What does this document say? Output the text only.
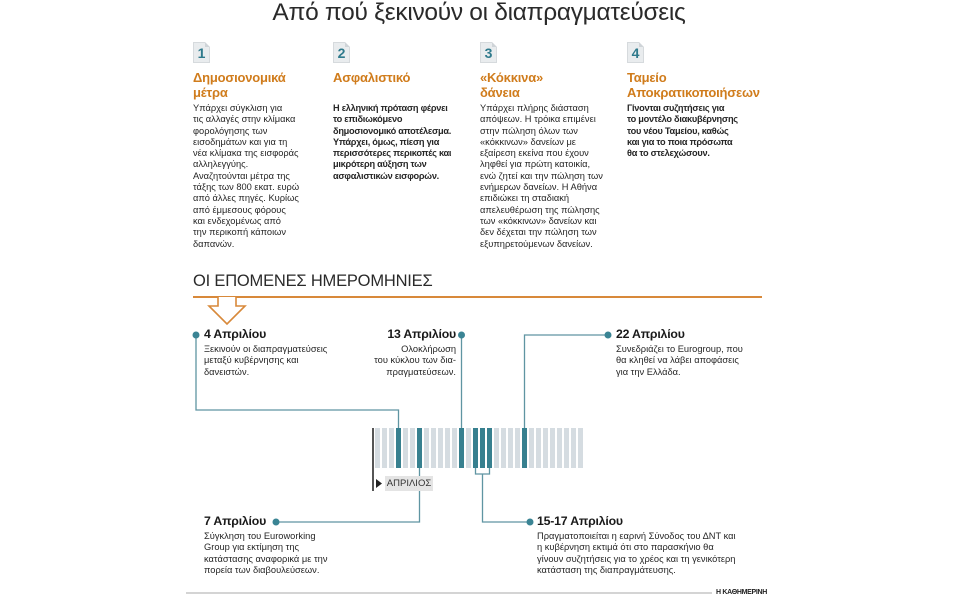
Από πού ξεκινούν οι διαπραγματεύσεις
1
Δημοσιονομικά
μέτρα
Υπάρχει σύγκλιση για
τις αλλαγές στην κλίμακα
φορολόγησης των
εισοδημάτων και για τη
νέα κλίμακα της εισφοράς
αλληλεγγύης.
Αναζητούνται μέτρα της
τάξης των 800 εκατ. ευρώ
από άλλες πηγές. Κυρίως
από έμμεσους φόρους
και ενδεχομένως από
την περικοπή κάποιων
δαπανών.
2
Ασφαλιστικό
Η ελληνική πρόταση φέρνει
το επιδιωκόμενο
δημοσιονομικό αποτέλεσμα.
Υπάρχει, όμως, πίεση για
περισσότερες περικοπές και
μικρότερη αύξηση των
ασφαλιστικών εισφορών.
3
«Κόκκινα»
δάνεια
Υπάρχει πλήρης διάσταση
απόψεων. Η τρόικα επιμένει
στην πώληση όλων των
«κόκκινων» δανείων με
εξαίρεση εκείνα που έχουν
ληφθεί για πρώτη κατοικία,
ενώ ζητεί και την πώληση των
ενήμερων δανείων. Η Αθήνα
επιδιώκει τη σταδιακή
απελευθέρωση της πώλησης
των «κόκκινων» δανείων και
δεν δέχεται την πώληση των
εξυπηρετούμενων δανείων.
4
Ταμείο
Αποκρατικοποιήσεων
Γίνονται συζητήσεις για
το μοντέλο διακυβέρνησης
του νέου Ταμείου, καθώς
και για το ποια πρόσωπα
θα το στελεχώσουν.
ΟΙ ΕΠΟΜΕΝΕΣ ΗΜΕΡΟΜΗΝΙΕΣ
ΑΠΡΙΛΙΟΣ
4 Απριλίου
Ξεκινούν οι διαπραγματεύσεις
μεταξύ κυβέρνησης και
δανειστών.
13 Απριλίου
Ολοκλήρωση
του κύκλου των δια-
πραγματεύσεων.
22 Απριλίου
Συνεδριάζει το Eurogroup, που
θα κληθεί να λάβει αποφάσεις
για την Ελλάδα.
7 Απριλίου
Σύγκληση του Euroworking
Group για εκτίμηση της
κατάστασης αναφορικά με την
πορεία των διαβουλεύσεων.
15-17 Απριλίου
Πραγματοποιείται η εαρινή Σύνοδος του ΔΝΤ και
η κυβέρνηση εκτιμά ότι στο παρασκήνιο θα
γίνουν συζητήσεις για το χρέος και τη γενικότερη
κατάσταση της διαπραγμάτευσης.
Η ΚΑΘΗΜΕΡΙΝΗ
